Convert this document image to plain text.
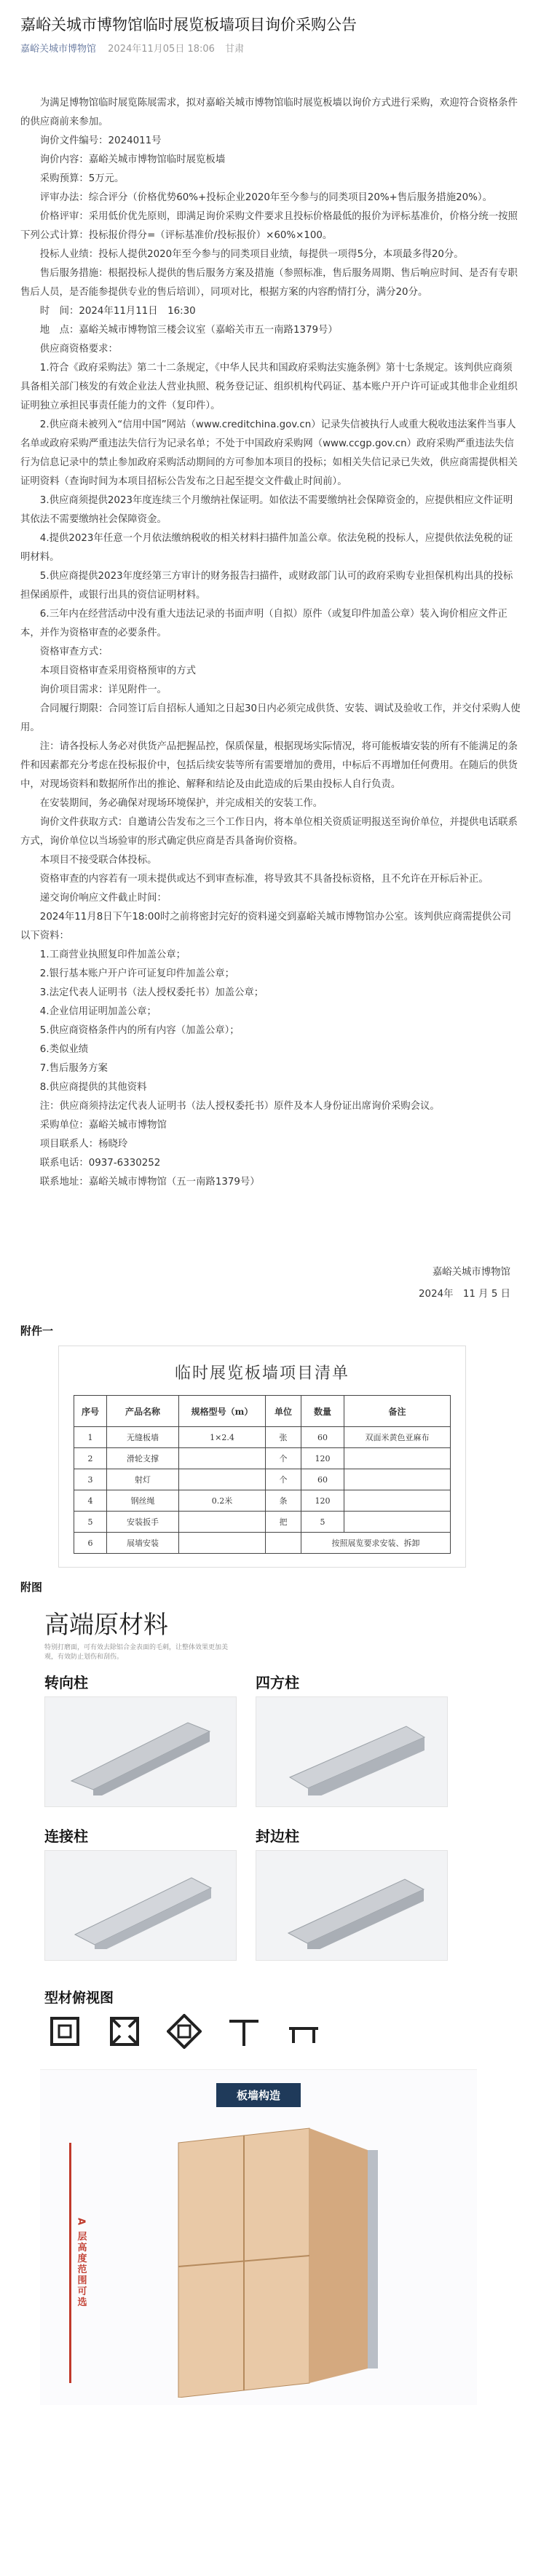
嘉峪关城市博物馆临时展览板墙项目询价采购公告
嘉峪关城市博物馆 2024年11月05日 18:06 甘肃

为满足博物馆临时展览陈展需求，拟对嘉峪关城市博物馆临时展览板墙以询价方式进行采购，欢迎符合资格条件的供应商前来参加。

询价文件编号：2024011号

询价内容：嘉峪关城市博物馆临时展览板墙

采购预算：5万元。

评审办法：综合评分（价格优势60%+投标企业2020年至今参与的同类项目20%+售后服务措施20%）。

价格评审：采用低价优先原则，即满足询价采购文件要求且投标价格最低的报价为评标基准价，价格分统一按照下列公式计算：投标报价得分=（评标基准价/投标报价）×60%×100。

投标人业绩：投标人提供2020年至今参与的同类项目业绩，每提供一项得5分，本项最多得20分。

售后服务措施：根据投标人提供的售后服务方案及措施（参照标准，售后服务周期、售后响应时间、是否有专职售后人员，是否能参提供专业的售后培训），同项对比，根据方案的内容酌情打分，满分20分。

时　间：2024年11月11日　16:30

地　点：嘉峪关城市博物馆三楼会议室（嘉峪关市五一南路1379号）

供应商资格要求：

1.符合《政府采购法》第二十二条规定，《中华人民共和国政府采购法实施条例》第十七条规定。该判供应商须具备相关部门核发的有效企业法人营业执照、税务登记证、组织机构代码证、基本账户开户许可证或其他非企业组织证明独立承担民事责任能力的文件（复印件）。

2.供应商未被列入“信用中国”网站（www.creditchina.gov.cn）记录失信被执行人或重大税收违法案件当事人名单或政府采购严重违法失信行为记录名单；不处于中国政府采购网（www.ccgp.gov.cn）政府采购严重违法失信行为信息记录中的禁止参加政府采购活动期间的方可参加本项目的投标；如相关失信记录已失效，供应商需提供相关证明资料（查询时间为本项目招标公告发布之日起至提交文件截止时间前）。

3.供应商须提供2023年度连续三个月缴纳社保证明。如依法不需要缴纳社会保障资金的，应提供相应文件证明其依法不需要缴纳社会保障资金。

4.提供2023年任意一个月依法缴纳税收的相关材料扫描件加盖公章。依法免税的投标人，应提供依法免税的证明材料。

5.供应商提供2023年度经第三方审计的财务报告扫描件，或财政部门认可的政府采购专业担保机构出具的投标担保函原件，或银行出具的资信证明材料。

6.三年内在经营活动中没有重大违法记录的书面声明（自拟）原件（或复印件加盖公章）装入询价相应文件正本，并作为资格审查的必要条件。

资格审查方式：

本项目资格审查采用资格预审的方式

询价项目需求：详见附件一。

合同履行期限：合同签订后自招标人通知之日起30日内必须完成供货、安装、调试及验收工作，并交付采购人使用。

注：请各投标人务必对供货产品把握品控，保质保量，根据现场实际情况，将可能板墙安装的所有不能满足的条件和因素都充分考虑在投标报价中，包括后续安装等所有需要增加的费用，中标后不再增加任何费用。在随后的供货中，对现场资料和数据所作出的推论、解释和结论及由此造成的后果由投标人自行负责。

在安装期间，务必确保对现场环境保护，并完成相关的安装工作。

询价文件获取方式：自邀请公告发布之三个工作日内，将本单位相关资质证明报送至询价单位，并提供电话联系方式，询价单位以当场验审的形式确定供应商是否具备询价资格。

本项目不接受联合体投标。

资格审查的内容若有一项未提供或达不到审查标准，将导致其不具备投标资格，且不允许在开标后补正。

递交询价响应文件截止时间：

2024年11月8日下午18:00时之前将密封完好的资料递交到嘉峪关城市博物馆办公室。该判供应商需提供公司以下资料：

1.工商营业执照复印件加盖公章；

2.银行基本账户开户许可证复印件加盖公章；

3.法定代表人证明书（法人授权委托书）加盖公章；

4.企业信用证明加盖公章；

5.供应商资格条件内的所有内容（加盖公章）；

6.类似业绩

7.售后服务方案

8.供应商提供的其他资料

注：供应商须持法定代表人证明书（法人授权委托书）原件及本人身份证出席询价采购会议。

采购单位：嘉峪关城市博物馆

项目联系人：杨晓玲

联系电话：0937-6330252

联系地址：嘉峪关城市博物馆（五一南路1379号）

嘉峪关城市博物馆
2024年　11 月 5 日
附件一
临时展览板墙项目清单
序号	产品名称	规格型号（m）	单位	数量	备注
1	无缝板墙	1×2.4	张	60	双面米黄色亚麻布
2	滑轮支撑		个	120	
3	射灯		个	60	
4	钢丝绳	0.2米	条	120	
5	安装扳手		把	5	
6	展墙安装			按照展览要求安装、拆卸	
附图
高端原材料
特别打磨面，可有效去除铝合金表面的毛刺，让整体效果更加美观，有效防止划伤和刮伤。
转向柱	四方柱
连接柱	封边柱
型材俯视图
板墙构造
A 层高度范围可选
